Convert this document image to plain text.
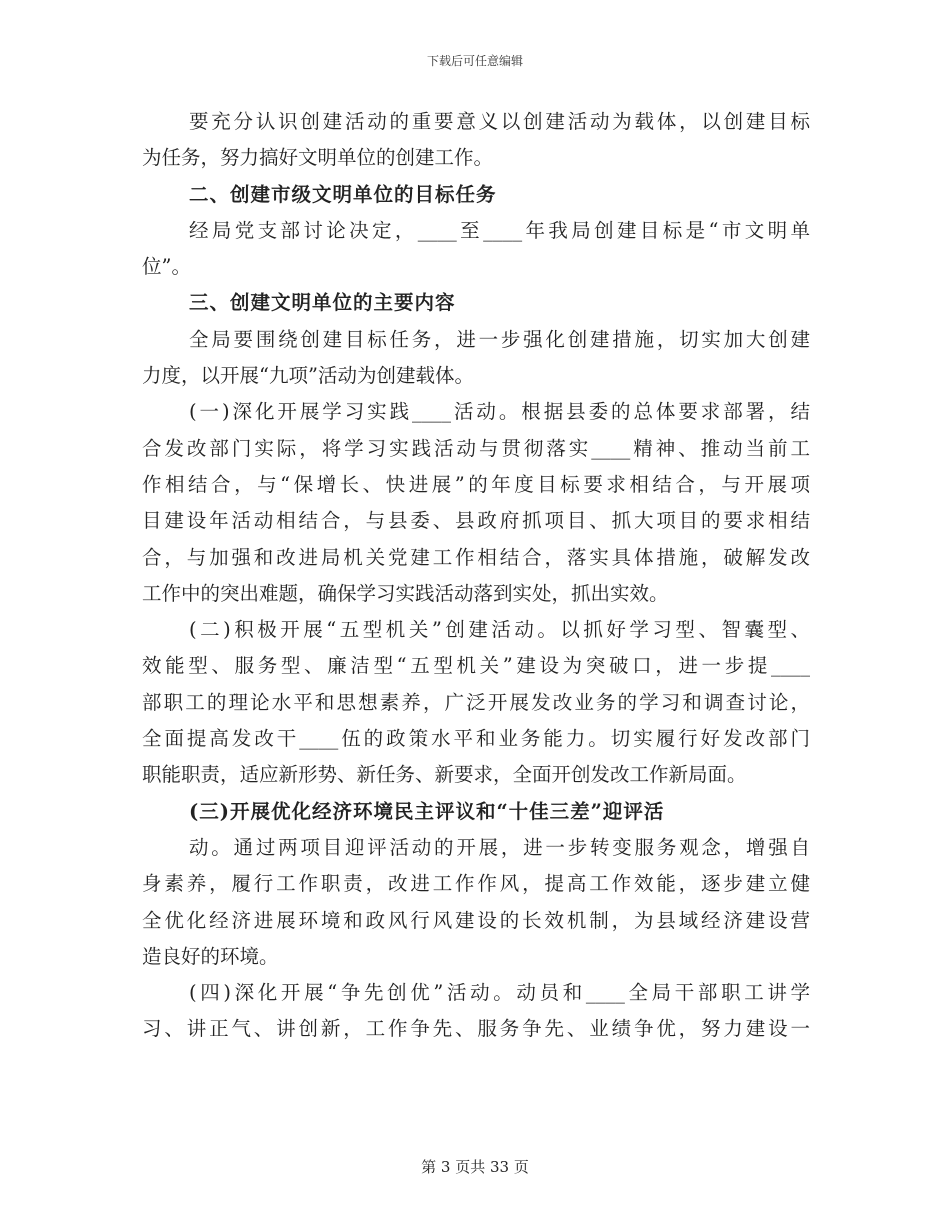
下载后可任意编辑
要充分认识创建活动的重要意义以创建活动为载体，以创建目标
为任务，努力搞好文明单位的创建工作。
二、创建市级文明单位的目标任务
经局党支部讨论决定，____至____年我局创建目标是“市文明单
位”。
三、创建文明单位的主要内容
全局要围绕创建目标任务，进一步强化创建措施，切实加大创建
力度，以开展“九项”活动为创建载体。
(一)深化开展学习实践____活动。根据县委的总体要求部署，结
合发改部门实际，将学习实践活动与贯彻落实____精神、推动当前工
作相结合，与“保增长、快进展”的年度目标要求相结合，与开展项
目建设年活动相结合，与县委、县政府抓项目、抓大项目的要求相结
合，与加强和改进局机关党建工作相结合，落实具体措施，破解发改
工作中的突出难题，确保学习实践活动落到实处，抓出实效。
(二)积极开展“五型机关”创建活动。以抓好学习型、智囊型、
效能型、服务型、廉洁型“五型机关”建设为突破口，进一步提____
部职工的理论水平和思想素养，广泛开展发改业务的学习和调查讨论，
全面提高发改干____伍的政策水平和业务能力。切实履行好发改部门
职能职责，适应新形势、新任务、新要求，全面开创发改工作新局面。
(三)开展优化经济环境民主评议和“十佳三差”迎评活
动。通过两项目迎评活动的开展，进一步转变服务观念，增强自
身素养，履行工作职责，改进工作作风，提高工作效能，逐步建立健
全优化经济进展环境和政风行风建设的长效机制，为县域经济建设营
造良好的环境。
(四)深化开展“争先创优”活动。动员和____全局干部职工讲学
习、讲正气、讲创新，工作争先、服务争先、业绩争优，努力建设一
第 3 页共 33 页
